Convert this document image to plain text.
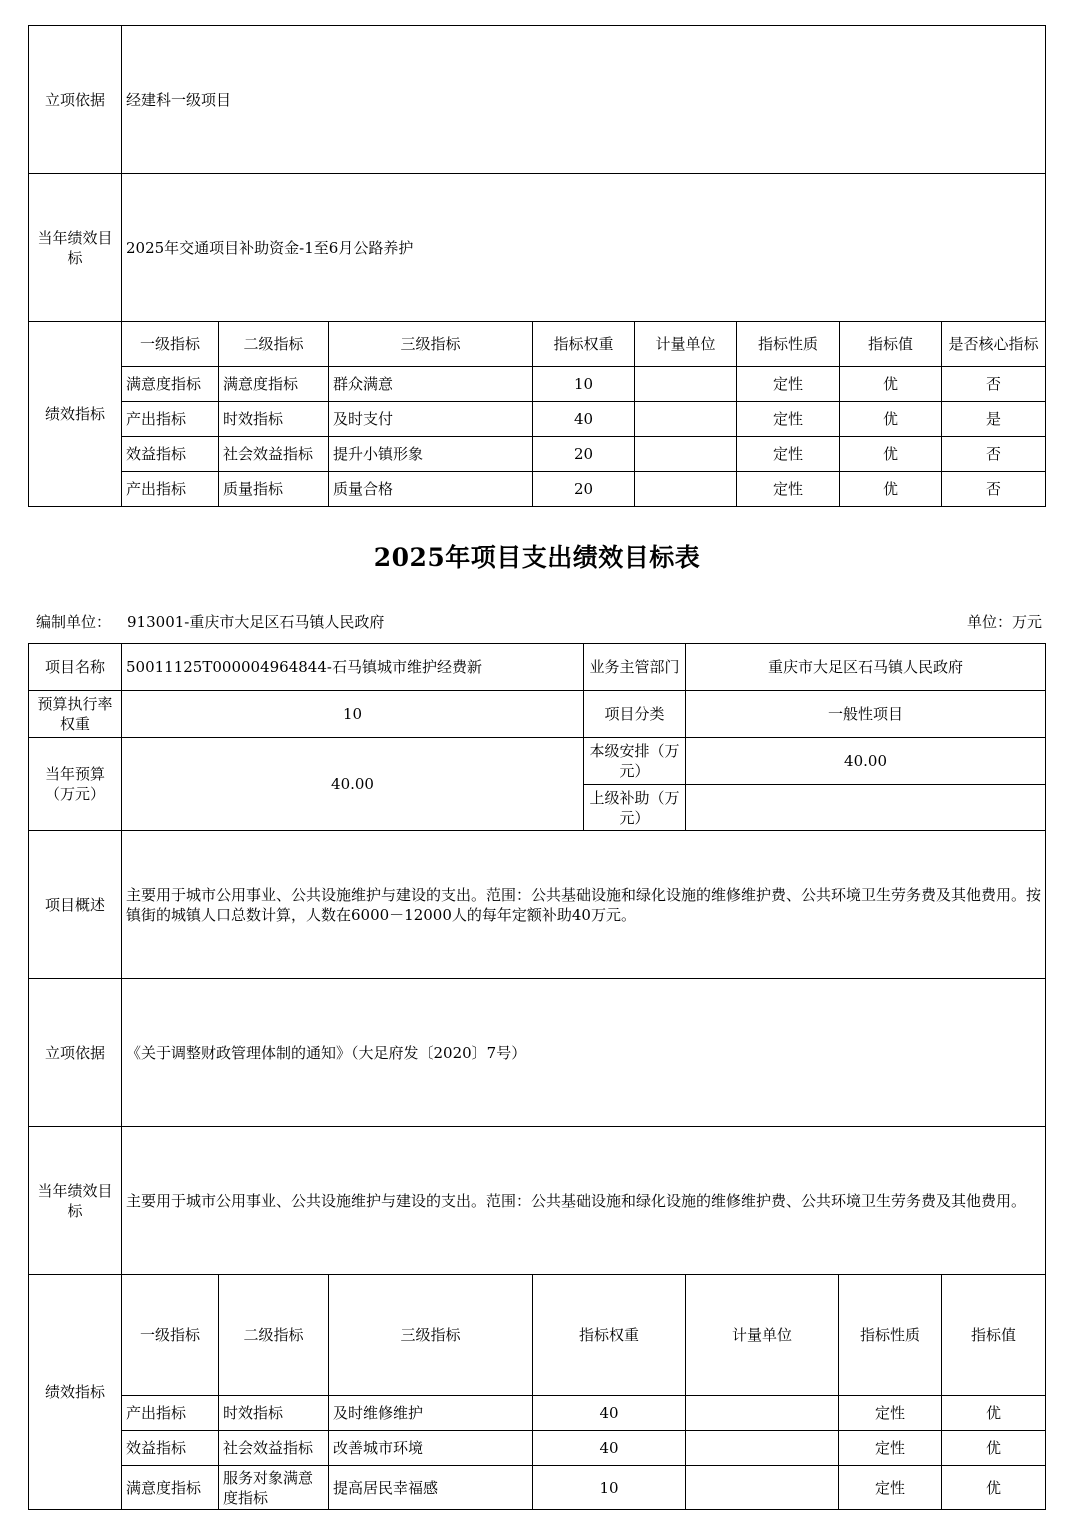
立项依据	经建科一级项目							
当年绩效目标	2025年交通项目补助资金-1至6月公路养护							
绩效指标	一级指标	二级指标	三级指标	指标权重	计量单位	指标性质	指标值	是否核心指标
	满意度指标	满意度指标	群众满意	10		定性	优	否
	产出指标	时效指标	及时支付	40		定性	优	是
	效益指标	社会效益指标	提升小镇形象	20		定性	优	否
	产出指标	质量指标	质量合格	20		定性	优	否
2025年项目支出绩效目标表
编制单位： 913001-重庆市大足区石马镇人民政府	单位：万元
项目名称	50011125T000004964844-石马镇城市维护经费新				业务主管部门	重庆市大足区石马镇人民政府			
预算执行率权重	10				项目分类	一般性项目			
当年预算（万元）	40.00				本级安排（万元）	40.00			
					上级补助（万元）				
项目概述	主要用于城市公用事业、公共设施维护与建设的支出。范围：公共基础设施和绿化设施的维修维护费、公共环境卫生劳务费及其他费用。按镇街的城镇人口总数计算，人数在6000－12000人的每年定额补助40万元。								
立项依据	《关于调整财政管理体制的通知》（大足府发〔2020〕7号）								
当年绩效目标	主要用于城市公用事业、公共设施维护与建设的支出。范围：公共基础设施和绿化设施的维修维护费、公共环境卫生劳务费及其他费用。								
绩效指标	一级指标	二级指标	三级指标	指标权重		计量单位	指标性质	指标值	
	产出指标	时效指标	及时维修维护	40			定性	优	
	效益指标	社会效益指标	改善城市环境	40			定性	优	
	满意度指标	服务对象满意度指标	提高居民幸福感	10			定性	优	
